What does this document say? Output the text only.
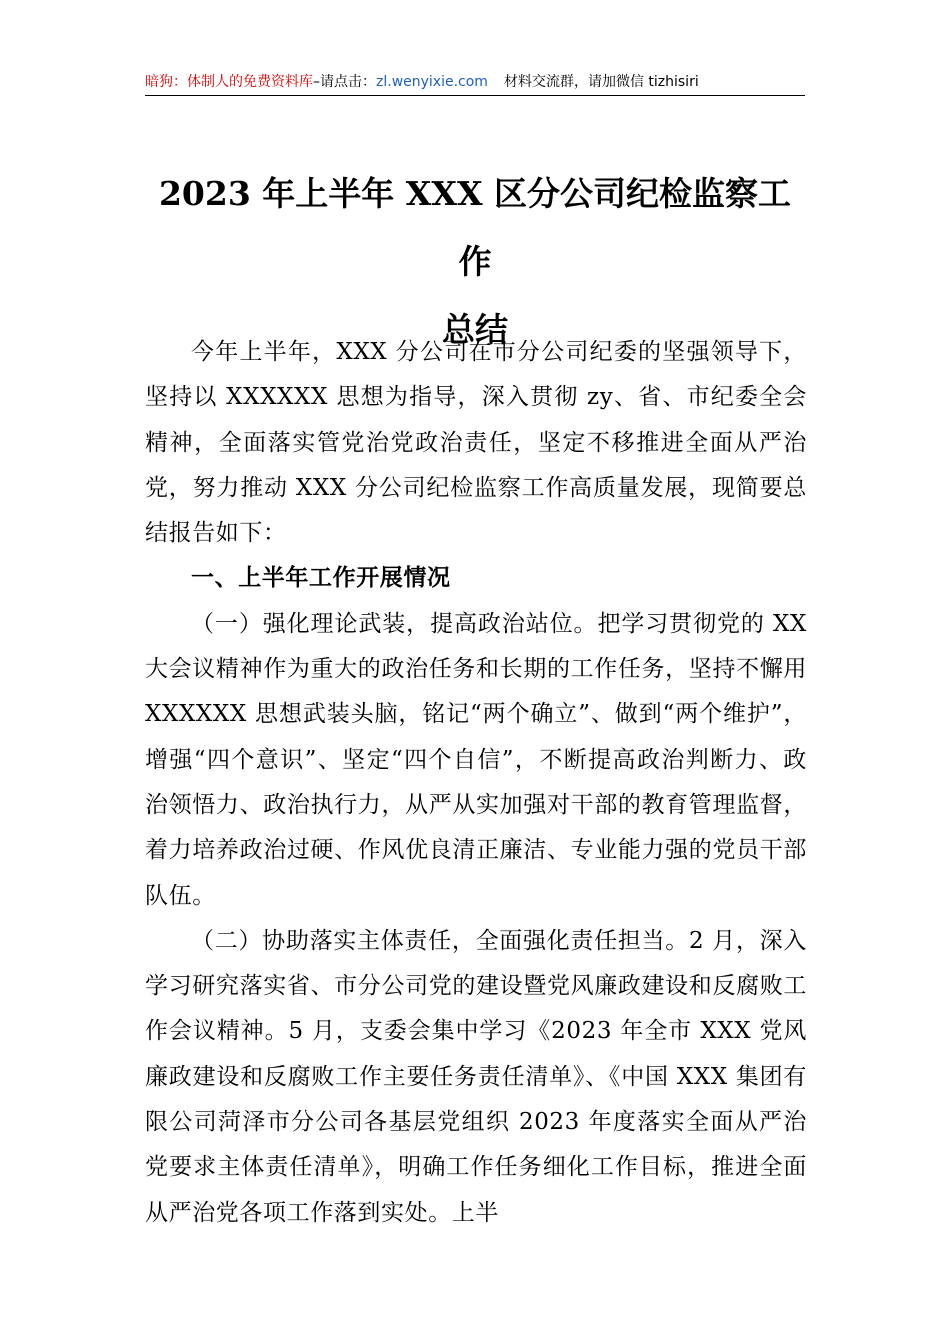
暗狗：体制人的免费资料库 –请点击： zl.wenyixie.com 材料交流群，请加微信 tizhisiri
2023 年上半年 XXX 区分公司纪检监察工作
总结

今年上半年，XXX 分公司在市分公司纪委的坚强领导下，坚持以 XXXXXX 思想为指导，深入贯彻 zy、省、市纪委全会精神，全面落实管党治党政治责任，坚定不移推进全面从严治党，努力推动 XXX 分公司纪检监察工作高质量发展，现简要总结报告如下：

一、上半年工作开展情况

（一）强化理论武装，提高政治站位。把学习贯彻党的 XX 大会议精神作为重大的政治任务和长期的工作任务，坚持不懈用 XXXXXX 思想武装头脑，铭记“两个确立”、做到“两个维护”，增强“四个意识”、坚定“四个自信”，不断提高政治判断力、政治领悟力、政治执行力，从严从实加强对干部的教育管理监督，着力培养政治过硬、作风优良清正廉洁、专业能力强的党员干部队伍。

（二）协助落实主体责任，全面强化责任担当。2 月，深入学习研究落实省、市分公司党的建设暨党风廉政建设和反腐败工作会议精神。5 月，支委会集中学习《2023 年全市 XXX 党风廉政建设和反腐败工作主要任务责任清单》、《中国 XXX 集团有限公司菏泽市分公司各基层党组织 2023 年度落实全面从严治党要求主体责任清单》，明确工作任务细化工作目标，推进全面从严治党各项工作落到实处。上半
